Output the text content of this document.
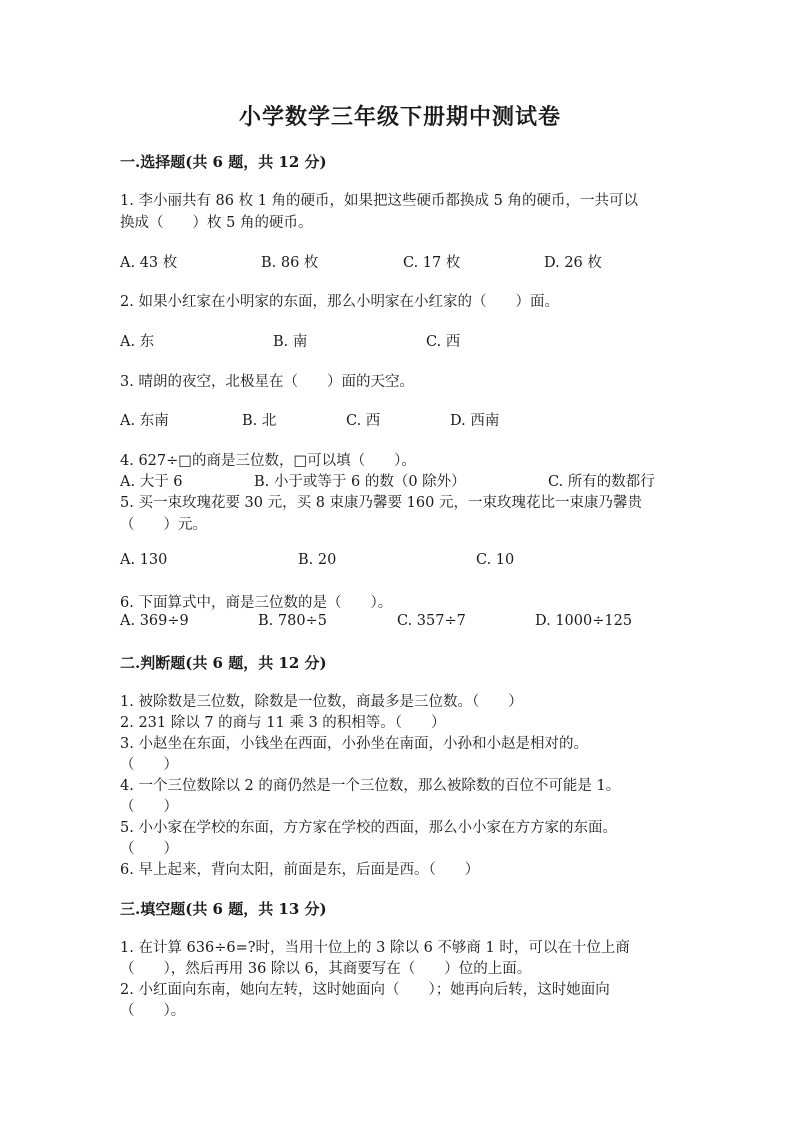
小学数学三年级下册期中测试卷
一.选择题(共 6 题，共 12 分)
1. 李小丽共有 86 枚 1 角的硬币，如果把这些硬币都换成 5 角的硬币，一共可以
换成（　　）枚 5 角的硬币。
A. 43 枚	B. 86 枚	C. 17 枚	D. 26 枚
2. 如果小红家在小明家的东面，那么小明家在小红家的（　　）面。
A. 东	B. 南	C. 西
3. 晴朗的夜空，北极星在（　　）面的天空。
A. 东南	B. 北	C. 西	D. 西南
4. 627÷□的商是三位数，□可以填（　　）。
A. 大于 6	B. 小于或等于 6 的数（0 除外）	C. 所有的数都行
5. 买一束玫瑰花要 30 元，买 8 束康乃馨要 160 元，一束玫瑰花比一束康乃馨贵
（　　）元。
A. 130	B. 20	C. 10
6. 下面算式中，商是三位数的是（　　）。
A. 369÷9	B. 780÷5	C. 357÷7	D. 1000÷125
二.判断题(共 6 题，共 12 分)
1. 被除数是三位数，除数是一位数，商最多是三位数。（　　）
2. 231 除以 7 的商与 11 乘 3 的积相等。（　　）
3. 小赵坐在东面，小钱坐在西面，小孙坐在南面，小孙和小赵是相对的。
（　　）
4. 一个三位数除以 2 的商仍然是一个三位数，那么被除数的百位不可能是 1。
（　　）
5. 小小家在学校的东面，方方家在学校的西面，那么小小家在方方家的东面。
（　　）
6. 早上起来，背向太阳，前面是东，后面是西。（　　）
三.填空题(共 6 题，共 13 分)
1. 在计算 636÷6=?时，当用十位上的 3 除以 6 不够商 1 时，可以在十位上商
（　　），然后再用 36 除以 6，其商要写在（　　）位的上面。
2. 小红面向东南，她向左转，这时她面向（　　）；她再向后转，这时她面向
（　　）。
